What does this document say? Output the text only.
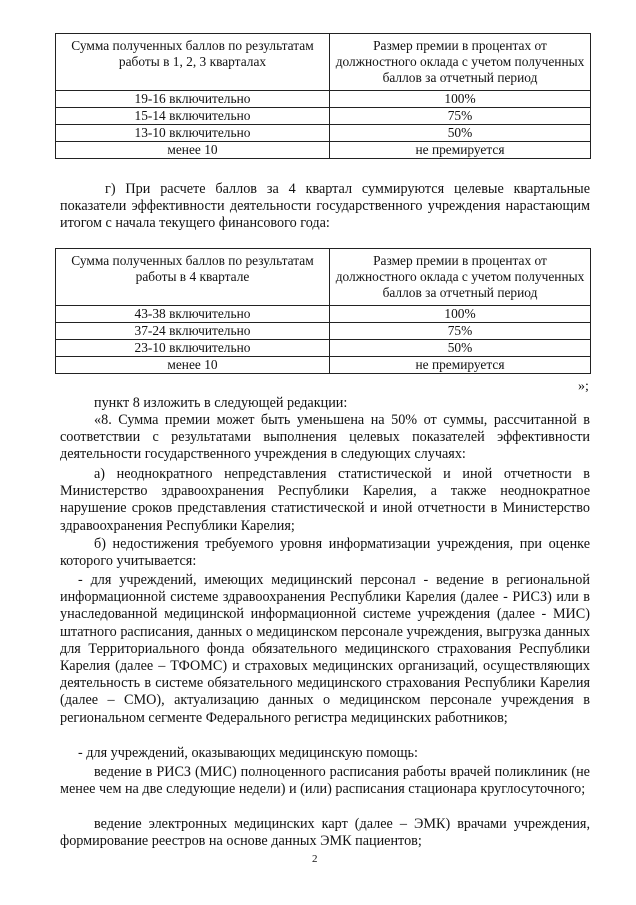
Сумма полученных баллов по результатам работы в 1, 2, 3 кварталах	Размер премии в процентах от должностного оклада с учетом полученных баллов за отчетный период
19-16 включительно	100%
15-14 включительно	75%
13-10 включительно	50%
менее 10	не премируется

г) При расчете баллов за 4 квартал суммируются целевые квартальные показатели эффективности деятельности государственного учреждения нарастающим итогом с начала текущего финансового года:

Сумма полученных баллов по результатам работы в 4 квартале	Размер премии в процентах от должностного оклада с учетом полученных баллов за отчетный период
43-38 включительно	100%
37-24 включительно	75%
23-10 включительно	50%
менее 10	не премируется
»;

пункт 8 изложить в следующей редакции:

«8. Сумма премии может быть уменьшена на 50% от суммы, рассчитанной в соответствии с результатами выполнения целевых показателей эффективности деятельности государственного учреждения в следующих случаях:

а) неоднократного непредставления статистической и иной отчетности в Министерство здравоохранения Республики Карелия, а также неоднократное нарушение сроков представления статистической и иной отчетности в Министерство здравоохранения Республики Карелия;

б) недостижения требуемого уровня информатизации учреждения, при оценке которого учитывается:

- для учреждений, имеющих медицинский персонал - ведение в региональной информационной системе здравоохранения Республики Карелия (далее - РИСЗ) или в унаследованной медицинской информационной системе учреждения (далее - МИС) штатного расписания, данных о медицинском персонале учреждения, выгрузка данных для Территориального фонда обязательного медицинского страхования Республики Карелия (далее – ТФОМС) и страховых медицинских организаций, осуществляющих деятельность в системе обязательного медицинского страхования Республики Карелия (далее – СМО), актуализацию данных о медицинском персонале учреждения в региональном сегменте Федерального регистра медицинских работников;

- для учреждений, оказывающих медицинскую помощь:

ведение в РИСЗ (МИС) полноценного расписания работы врачей поликлиник (не менее чем на две следующие недели) и (или) расписания стационара круглосуточного;

ведение электронных медицинских карт (далее – ЭМК) врачами учреждения, формирование реестров на основе данных ЭМК пациентов;

2
